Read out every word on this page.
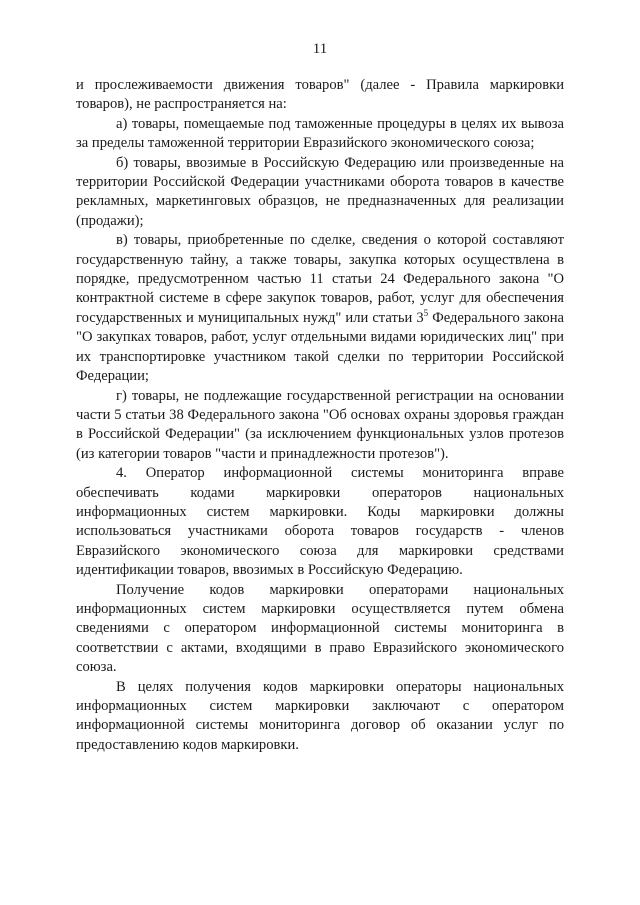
11

и прослеживаемости движения товаров" (далее - Правила маркировки товаров), не распространяется на:

а) товары, помещаемые под таможенные процедуры в целях их вывоза за пределы таможенной территории Евразийского экономического союза;

б) товары, ввозимые в Российскую Федерацию или произведенные на территории Российской Федерации участниками оборота товаров в качестве рекламных, маркетинговых образцов, не предназначенных для реализации (продажи);

в) товары, приобретенные по сделке, сведения о которой составляют государственную тайну, а также товары, закупка которых осуществлена в порядке, предусмотренном частью 11 статьи 24 Федерального закона "О контрактной системе в сфере закупок товаров, работ, услуг для обеспечения государственных и муниципальных нужд" или статьи $3^5$ Федерального закона "О закупках товаров, работ, услуг отдельными видами юридических лиц" при их транспортировке участником такой сделки по территории Российской Федерации;

г) товары, не подлежащие государственной регистрации на основании части 5 статьи 38 Федерального закона "Об основах охраны здоровья граждан в Российской Федерации" (за исключением функциональных узлов протезов (из категории товаров "части и принадлежности протезов").

4. Оператор информационной системы мониторинга вправе обеспечивать кодами маркировки операторов национальных информационных систем маркировки. Коды маркировки должны использоваться участниками оборота товаров государств - членов Евразийского экономического союза для маркировки средствами идентификации товаров, ввозимых в Российскую Федерацию.

Получение кодов маркировки операторами национальных информационных систем маркировки осуществляется путем обмена сведениями с оператором информационной системы мониторинга в соответствии с актами, входящими в право Евразийского экономического союза.

В целях получения кодов маркировки операторы национальных информационных систем маркировки заключают с оператором информационной системы мониторинга договор об оказании услуг по предоставлению кодов маркировки.
